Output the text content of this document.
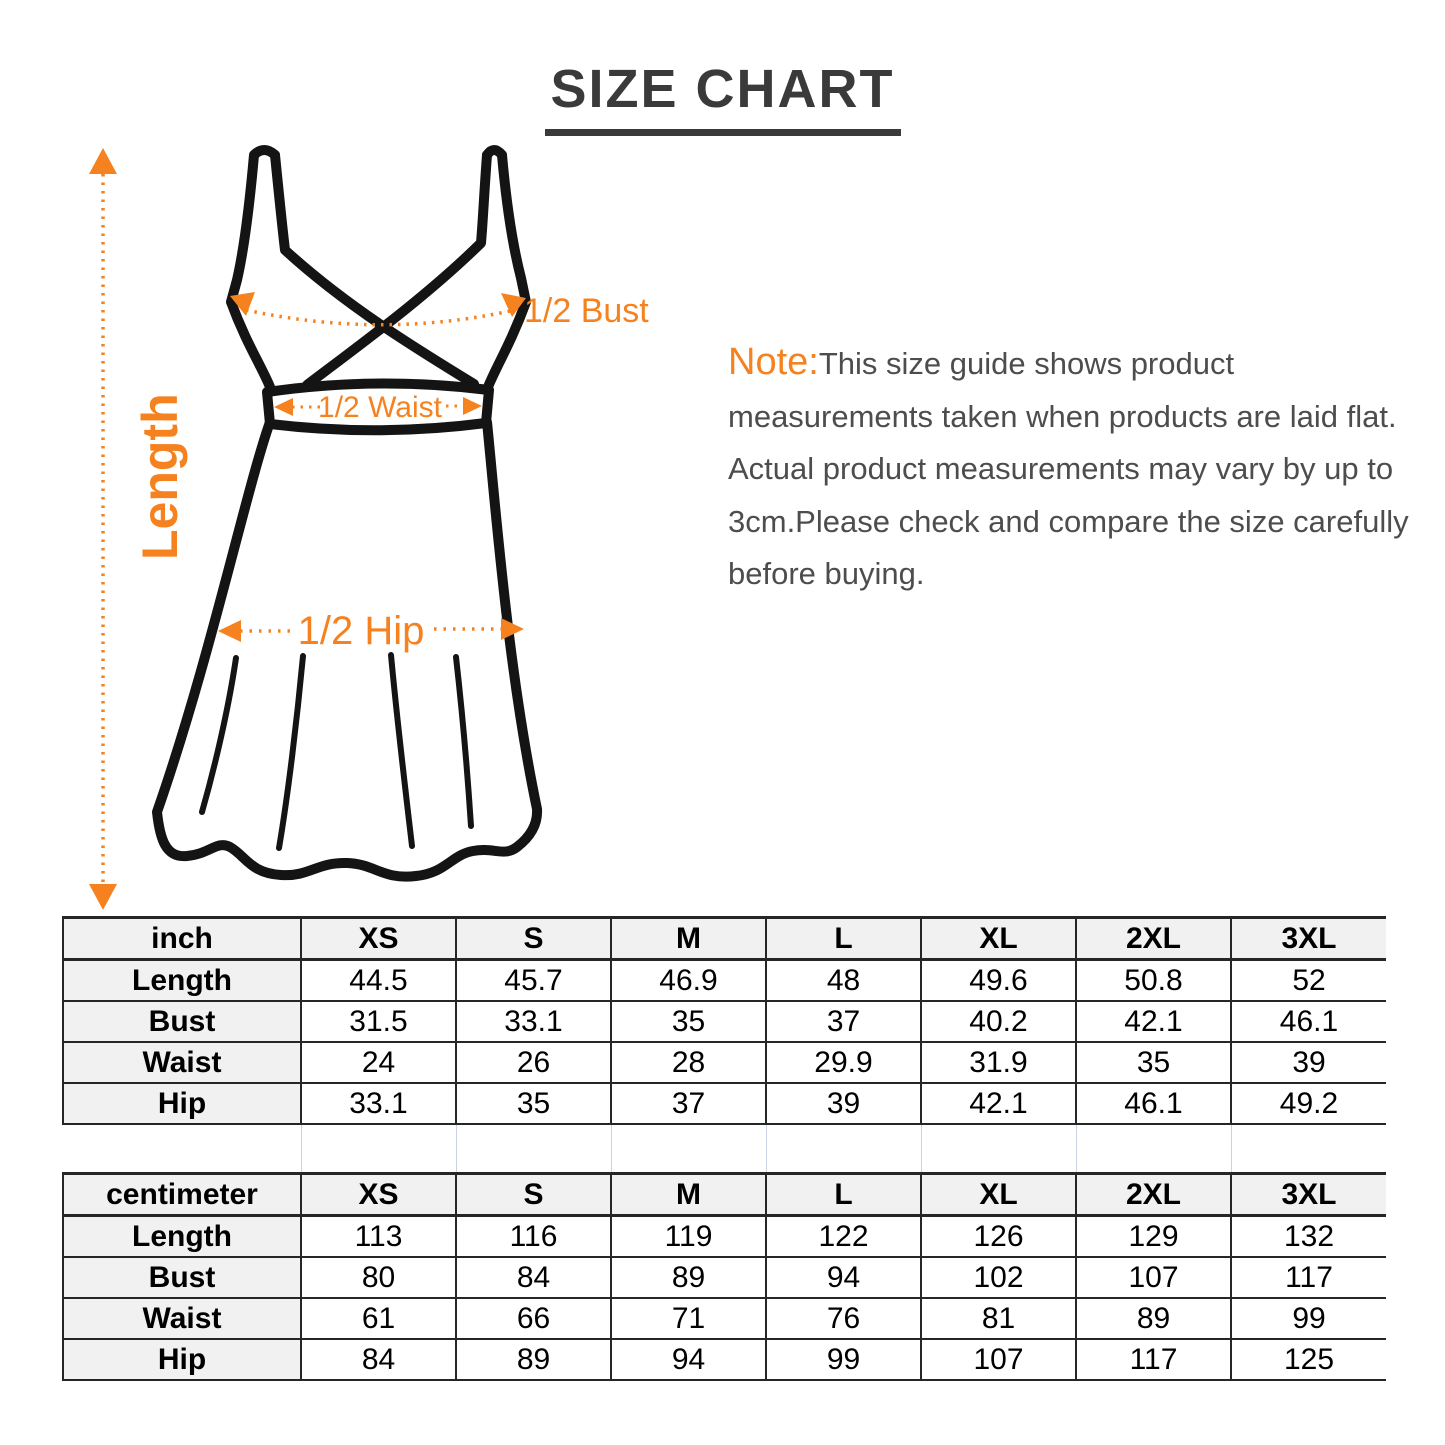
SIZE CHART
Length
1/2 Bust
1/2 Waist
1/2 Hip

Note:This size guide shows product measurements taken when products are laid flat. Actual product measurements may vary by up to 3cm.Please check and compare the size carefully before buying.

inch	XS	S	M	L	XL	2XL	3XL
Length	44.5	45.7	46.9	48	49.6	50.8	52
Bust	31.5	33.1	35	37	40.2	42.1	46.1
Waist	24	26	28	29.9	31.9	35	39
Hip	33.1	35	37	39	42.1	46.1	49.2

centimeter	XS	S	M	L	XL	2XL	3XL
Length	113	116	119	122	126	129	132
Bust	80	84	89	94	102	107	117
Waist	61	66	71	76	81	89	99
Hip	84	89	94	99	107	117	125
